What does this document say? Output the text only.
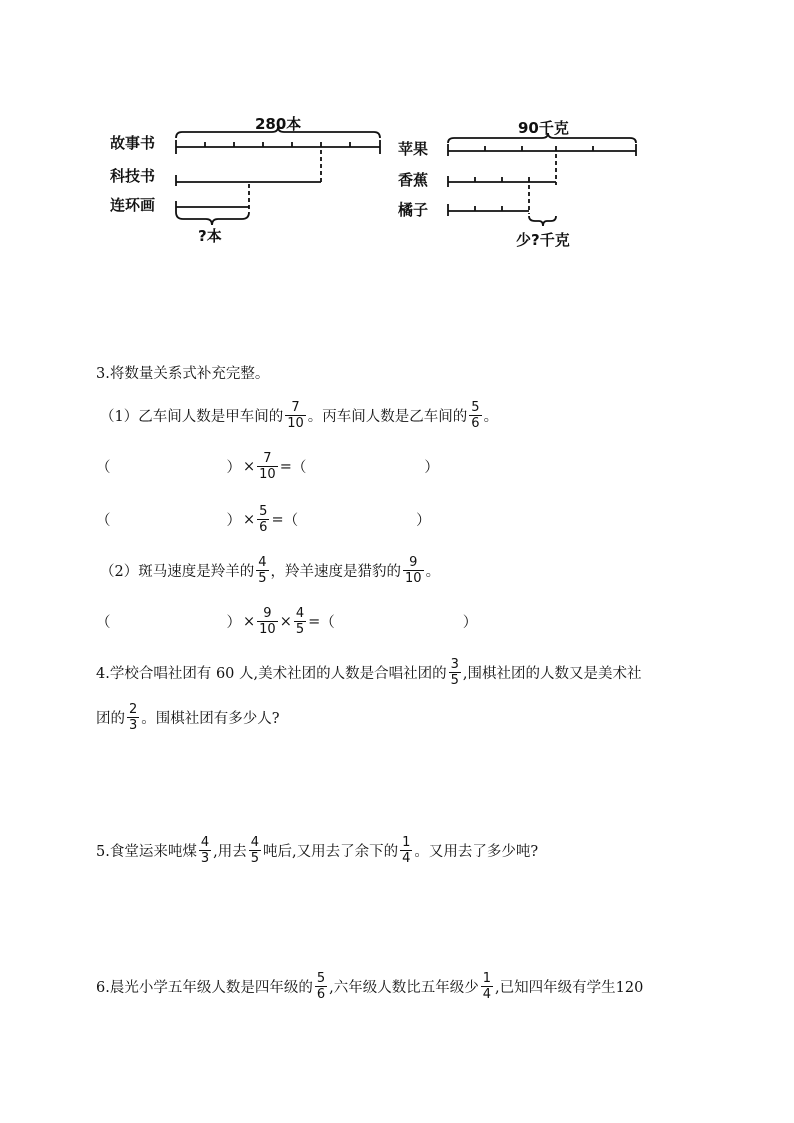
280本
故事书
科技书
连环画
?本
90千克
苹果
香蕉
橘子
少?千克
3.将数量关系式补充完整。
（1）乙车间人数是甲车间的 $\frac{7}{10}$ 。丙车间人数是乙车间的 $\frac{5}{6}$ 。
（	） × $\frac{7}{10}$ = （	）
（	） × $\frac{5}{6}$ = （	）
（2）斑马速度是羚羊的 $\frac{4}{5}$ ，羚羊速度是猎豹的 $\frac{9}{10}$ 。
（	） × $\frac{9}{10} \times \frac{4}{5}$ = （	）
4.学校合唱社团有 60 人,美术社团的人数是合唱社团的 $\frac{3}{5}$ ,围棋社团的人数又是美术社
团的 $\frac{2}{3}$ 。围棋社团有多少人?
5.食堂运来吨煤 $\frac{4}{3}$ ,用去 $\frac{4}{5}$ 吨后,又用去了余下的 $\frac{1}{4}$ 。又用去了多少吨?
6.晨光小学五年级人数是四年级的 $\frac{5}{6}$ ,六年级人数比五年级少 $\frac{1}{4}$ ,已知四年级有学生120
